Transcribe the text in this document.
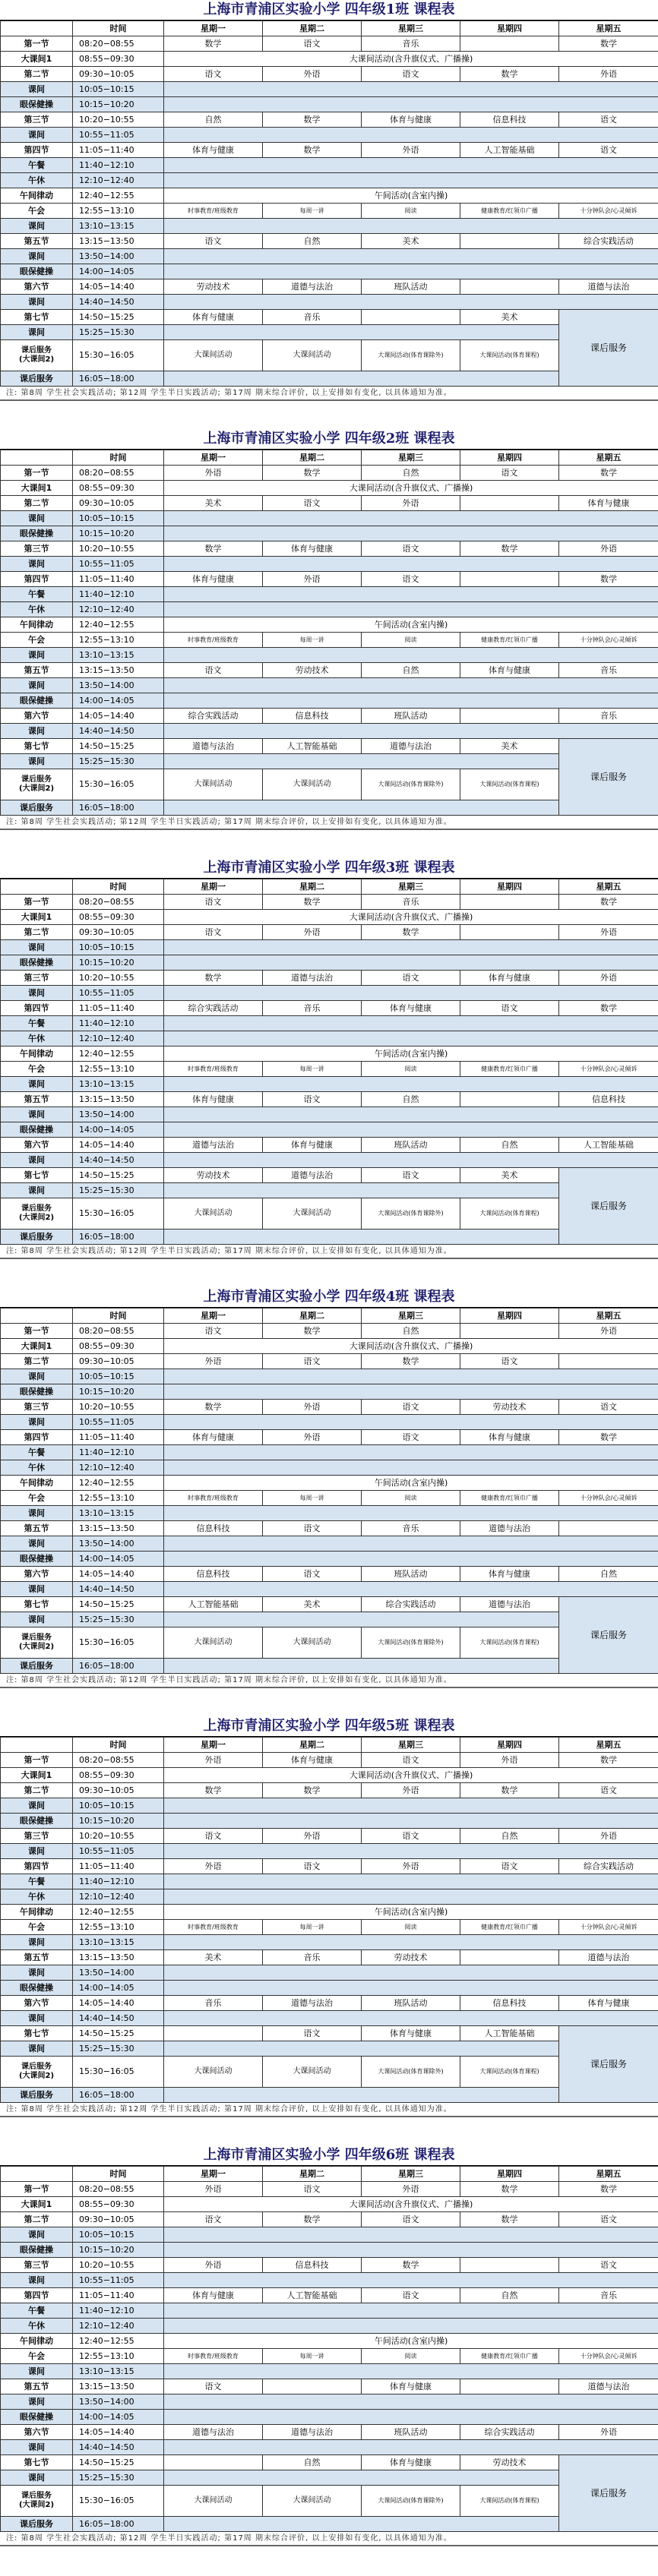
上海市青浦区实验小学 四年级1班 课程表
	时间	星期一	星期二	星期三	星期四	星期五
第一节	08:20−08:55	数学	语文	音乐		数学
大课间1	08:55−09:30	大课间活动(含升旗仪式、广播操)				
第二节	09:30−10:05	语文	外语	语文	数学	外语
课间	10:05−10:15					
眼保健操	10:15−10:20					
第三节	10:20−10:55	自然	数学	体育与健康	信息科技	语文
课间	10:55−11:05					
第四节	11:05−11:40	体育与健康	数学	外语	人工智能基础	语文
午餐	11:40−12:10					
午休	12:10−12:40					
午间律动	12:40−12:55	午间活动(含室内操)				
午会	12:55−13:10	时事教育/班级教育	每周一讲	阅读	健康教育/红领巾广播	十分钟队会/心灵倾诉
课间	13:10−13:15					
第五节	13:15−13:50	语文	自然	美术		综合实践活动
课间	13:50−14:00					
眼保健操	14:00−14:05					
第六节	14:05−14:40	劳动技术	道德与法治	班队活动		道德与法治
课间	14:40−14:50					
第七节	14:50−15:25	体育与健康	音乐		美术	课后服务
课间	15:25−15:30					
课后服务
(大课间2)	15:30−16:05	大课间活动	大课间活动	大课间活动(体育课除外)	大课间活动(体育课程)	
课后服务	16:05−18:00					
注: 第8周 学生社会实践活动; 第12周 学生半日实践活动; 第17周 期末综合评价, 以上安排如有变化, 以具体通知为准。
上海市青浦区实验小学 四年级2班 课程表
	时间	星期一	星期二	星期三	星期四	星期五
第一节	08:20−08:55	外语	数学	自然	语文	数学
大课间1	08:55−09:30	大课间活动(含升旗仪式、广播操)				
第二节	09:30−10:05	美术	语文	外语		体育与健康
课间	10:05−10:15					
眼保健操	10:15−10:20					
第三节	10:20−10:55	数学	体育与健康	语文	数学	外语
课间	10:55−11:05					
第四节	11:05−11:40	体育与健康	外语	语文		数学
午餐	11:40−12:10					
午休	12:10−12:40					
午间律动	12:40−12:55	午间活动(含室内操)				
午会	12:55−13:10	时事教育/班级教育	每周一讲	阅读	健康教育/红领巾广播	十分钟队会/心灵倾诉
课间	13:10−13:15					
第五节	13:15−13:50	语文	劳动技术	自然	体育与健康	音乐
课间	13:50−14:00					
眼保健操	14:00−14:05					
第六节	14:05−14:40	综合实践活动	信息科技	班队活动		音乐
课间	14:40−14:50					
第七节	14:50−15:25	道德与法治	人工智能基础	道德与法治	美术	课后服务
课间	15:25−15:30					
课后服务
(大课间2)	15:30−16:05	大课间活动	大课间活动	大课间活动(体育课除外)	大课间活动(体育课程)	
课后服务	16:05−18:00					
注: 第8周 学生社会实践活动; 第12周 学生半日实践活动; 第17周 期末综合评价, 以上安排如有变化, 以具体通知为准。
上海市青浦区实验小学 四年级3班 课程表
	时间	星期一	星期二	星期三	星期四	星期五
第一节	08:20−08:55	语文	数学	音乐		数学
大课间1	08:55−09:30	大课间活动(含升旗仪式、广播操)				
第二节	09:30−10:05	语文	外语	数学		外语
课间	10:05−10:15					
眼保健操	10:15−10:20					
第三节	10:20−10:55	数学	道德与法治	语文	体育与健康	外语
课间	10:55−11:05					
第四节	11:05−11:40	综合实践活动	音乐	体育与健康	语文	数学
午餐	11:40−12:10					
午休	12:10−12:40					
午间律动	12:40−12:55	午间活动(含室内操)				
午会	12:55−13:10	时事教育/班级教育	每周一讲	阅读	健康教育/红领巾广播	十分钟队会/心灵倾诉
课间	13:10−13:15					
第五节	13:15−13:50	体育与健康	语文	自然		信息科技
课间	13:50−14:00					
眼保健操	14:00−14:05					
第六节	14:05−14:40	道德与法治	体育与健康	班队活动	自然	人工智能基础
课间	14:40−14:50					
第七节	14:50−15:25	劳动技术	道德与法治	语文	美术	课后服务
课间	15:25−15:30					
课后服务
(大课间2)	15:30−16:05	大课间活动	大课间活动	大课间活动(体育课除外)	大课间活动(体育课程)	
课后服务	16:05−18:00					
注: 第8周 学生社会实践活动; 第12周 学生半日实践活动; 第17周 期末综合评价, 以上安排如有变化, 以具体通知为准。
上海市青浦区实验小学 四年级4班 课程表
	时间	星期一	星期二	星期三	星期四	星期五
第一节	08:20−08:55	语文	数学	自然		外语
大课间1	08:55−09:30	大课间活动(含升旗仪式、广播操)				
第二节	09:30−10:05	外语	语文	数学	语文	
课间	10:05−10:15					
眼保健操	10:15−10:20					
第三节	10:20−10:55	数学	外语	语文	劳动技术	语文
课间	10:55−11:05					
第四节	11:05−11:40	体育与健康	外语	语文	体育与健康	数学
午餐	11:40−12:10					
午休	12:10−12:40					
午间律动	12:40−12:55	午间活动(含室内操)				
午会	12:55−13:10	时事教育/班级教育	每周一讲	阅读	健康教育/红领巾广播	十分钟队会/心灵倾诉
课间	13:10−13:15					
第五节	13:15−13:50	信息科技	语文	音乐	道德与法治	
课间	13:50−14:00					
眼保健操	14:00−14:05					
第六节	14:05−14:40	信息科技	语文	班队活动	体育与健康	自然
课间	14:40−14:50					
第七节	14:50−15:25	人工智能基础	美术	综合实践活动	道德与法治	课后服务
课间	15:25−15:30					
课后服务
(大课间2)	15:30−16:05	大课间活动	大课间活动	大课间活动(体育课除外)	大课间活动(体育课程)	
课后服务	16:05−18:00					
注: 第8周 学生社会实践活动; 第12周 学生半日实践活动; 第17周 期末综合评价, 以上安排如有变化, 以具体通知为准。
上海市青浦区实验小学 四年级5班 课程表
	时间	星期一	星期二	星期三	星期四	星期五
第一节	08:20−08:55	外语	体育与健康	语文	外语	数学
大课间1	08:55−09:30	大课间活动(含升旗仪式、广播操)				
第二节	09:30−10:05	数学	数学	外语	数学	语文
课间	10:05−10:15					
眼保健操	10:15−10:20					
第三节	10:20−10:55	语文	外语	语文	自然	外语
课间	10:55−11:05					
第四节	11:05−11:40	外语	语文	外语	语文	综合实践活动
午餐	11:40−12:10					
午休	12:10−12:40					
午间律动	12:40−12:55	午间活动(含室内操)				
午会	12:55−13:10	时事教育/班级教育	每周一讲	阅读	健康教育/红领巾广播	十分钟队会/心灵倾诉
课间	13:10−13:15					
第五节	13:15−13:50	美术	音乐	劳动技术		道德与法治
课间	13:50−14:00					
眼保健操	14:00−14:05					
第六节	14:05−14:40	音乐	道德与法治	班队活动	信息科技	体育与健康
课间	14:40−14:50					
第七节	14:50−15:25		语文	体育与健康	人工智能基础	课后服务
课间	15:25−15:30					
课后服务
(大课间2)	15:30−16:05	大课间活动	大课间活动	大课间活动(体育课除外)	大课间活动(体育课程)	
课后服务	16:05−18:00					
注: 第8周 学生社会实践活动; 第12周 学生半日实践活动; 第17周 期末综合评价, 以上安排如有变化, 以具体通知为准。
上海市青浦区实验小学 四年级6班 课程表
	时间	星期一	星期二	星期三	星期四	星期五
第一节	08:20−08:55	外语	语文	外语	数学	数学
大课间1	08:55−09:30	大课间活动(含升旗仪式、广播操)				
第二节	09:30−10:05	语文	数学	语文	数学	语文
课间	10:05−10:15					
眼保健操	10:15−10:20					
第三节	10:20−10:55	外语	信息科技	数学		语文
课间	10:55−11:05					
第四节	11:05−11:40	体育与健康	人工智能基础	语文	自然	音乐
午餐	11:40−12:10					
午休	12:10−12:40					
午间律动	12:40−12:55	午间活动(含室内操)				
午会	12:55−13:10	时事教育/班级教育	每周一讲	阅读	健康教育/红领巾广播	十分钟队会/心灵倾诉
课间	13:10−13:15					
第五节	13:15−13:50	语文		体育与健康		道德与法治
课间	13:50−14:00					
眼保健操	14:00−14:05					
第六节	14:05−14:40	道德与法治	道德与法治	班队活动	综合实践活动	外语
课间	14:40−14:50					
第七节	14:50−15:25		自然	体育与健康	劳动技术	课后服务
课间	15:25−15:30					
课后服务
(大课间2)	15:30−16:05	大课间活动	大课间活动	大课间活动(体育课除外)	大课间活动(体育课程)	
课后服务	16:05−18:00					
注: 第8周 学生社会实践活动; 第12周 学生半日实践活动; 第17周 期末综合评价, 以上安排如有变化, 以具体通知为准。
